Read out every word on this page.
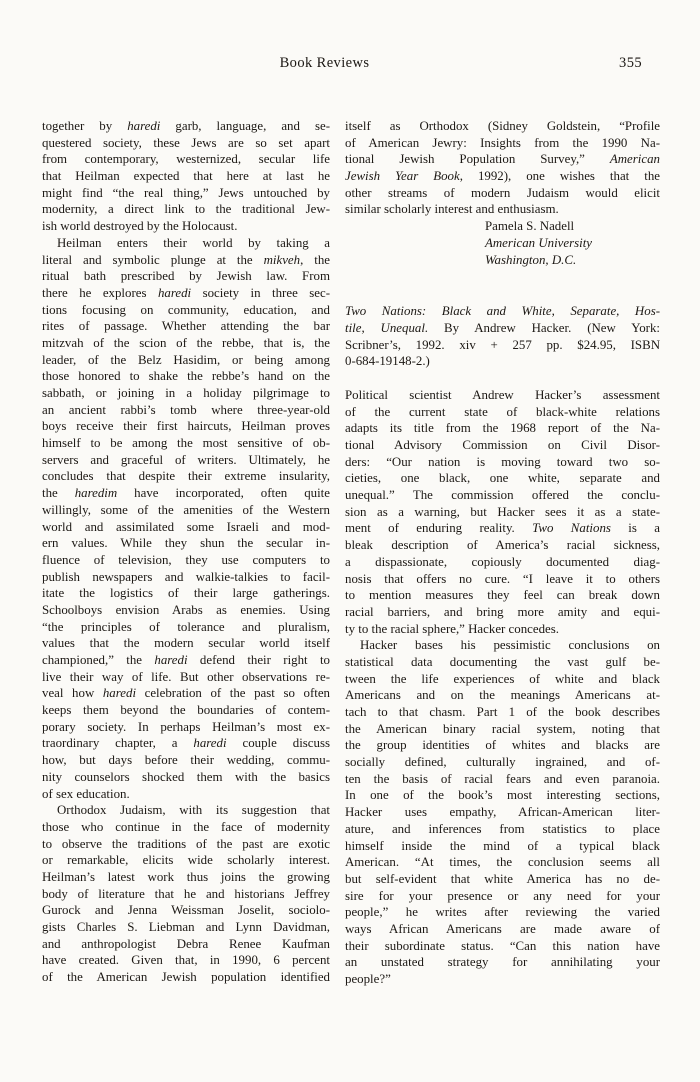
Book Reviews	355
together by haredi garb, language, and se-
questered society, these Jews are so set apart
from contemporary, westernized, secular life
that Heilman expected that here at last he
might find “the real thing,” Jews untouched by
modernity, a direct link to the traditional Jew-
ish world destroyed by the Holocaust.
Heilman enters their world by taking a
literal and symbolic plunge at the mikveh, the
ritual bath prescribed by Jewish law. From
there he explores haredi society in three sec-
tions focusing on community, education, and
rites of passage. Whether attending the bar
mitzvah of the scion of the rebbe, that is, the
leader, of the Belz Hasidim, or being among
those honored to shake the rebbe’s hand on the
sabbath, or joining in a holiday pilgrimage to
an ancient rabbi’s tomb where three-year-old
boys receive their first haircuts, Heilman proves
himself to be among the most sensitive of ob-
servers and graceful of writers. Ultimately, he
concludes that despite their extreme insularity,
the haredim have incorporated, often quite
willingly, some of the amenities of the Western
world and assimilated some Israeli and mod-
ern values. While they shun the secular in-
fluence of television, they use computers to
publish newspapers and walkie-talkies to facil-
itate the logistics of their large gatherings.
Schoolboys envision Arabs as enemies. Using
“the principles of tolerance and pluralism,
values that the modern secular world itself
championed,” the haredi defend their right to
live their way of life. But other observations re-
veal how haredi celebration of the past so often
keeps them beyond the boundaries of contem-
porary society. In perhaps Heilman’s most ex-
traordinary chapter, a haredi couple discuss
how, but days before their wedding, commu-
nity counselors shocked them with the basics
of sex education.
Orthodox Judaism, with its suggestion that
those who continue in the face of modernity
to observe the traditions of the past are exotic
or remarkable, elicits wide scholarly interest.
Heilman’s latest work thus joins the growing
body of literature that he and historians Jeffrey
Gurock and Jenna Weissman Joselit, sociolo-
gists Charles S. Liebman and Lynn Davidman,
and anthropologist Debra Renee Kaufman
have created. Given that, in 1990, 6 percent
of the American Jewish population identified
itself as Orthodox (Sidney Goldstein, “Profile
of American Jewry: Insights from the 1990 Na-
tional Jewish Population Survey,” American
Jewish Year Book, 1992), one wishes that the
other streams of modern Judaism would elicit
similar scholarly interest and enthusiasm.
Pamela S. Nadell
American University
Washington, D.C.
Two Nations: Black and White, Separate, Hos-
tile, Unequal. By Andrew Hacker. (New York:
Scribner’s, 1992. xiv + 257 pp. $24.95, ISBN
0-684-19148-2.)
Political scientist Andrew Hacker’s assessment
of the current state of black-white relations
adapts its title from the 1968 report of the Na-
tional Advisory Commission on Civil Disor-
ders: “Our nation is moving toward two so-
cieties, one black, one white, separate and
unequal.” The commission offered the conclu-
sion as a warning, but Hacker sees it as a state-
ment of enduring reality. Two Nations is a
bleak description of America’s racial sickness,
a dispassionate, copiously documented diag-
nosis that offers no cure. “I leave it to others
to mention measures they feel can break down
racial barriers, and bring more amity and equi-
ty to the racial sphere,” Hacker concedes.
Hacker bases his pessimistic conclusions on
statistical data documenting the vast gulf be-
tween the life experiences of white and black
Americans and on the meanings Americans at-
tach to that chasm. Part 1 of the book describes
the American binary racial system, noting that
the group identities of whites and blacks are
socially defined, culturally ingrained, and of-
ten the basis of racial fears and even paranoia.
In one of the book’s most interesting sections,
Hacker uses empathy, African-American liter-
ature, and inferences from statistics to place
himself inside the mind of a typical black
American. “At times, the conclusion seems all
but self-evident that white America has no de-
sire for your presence or any need for your
people,” he writes after reviewing the varied
ways African Americans are made aware of
their subordinate status. “Can this nation have
an unstated strategy for annihilating your
people?”
